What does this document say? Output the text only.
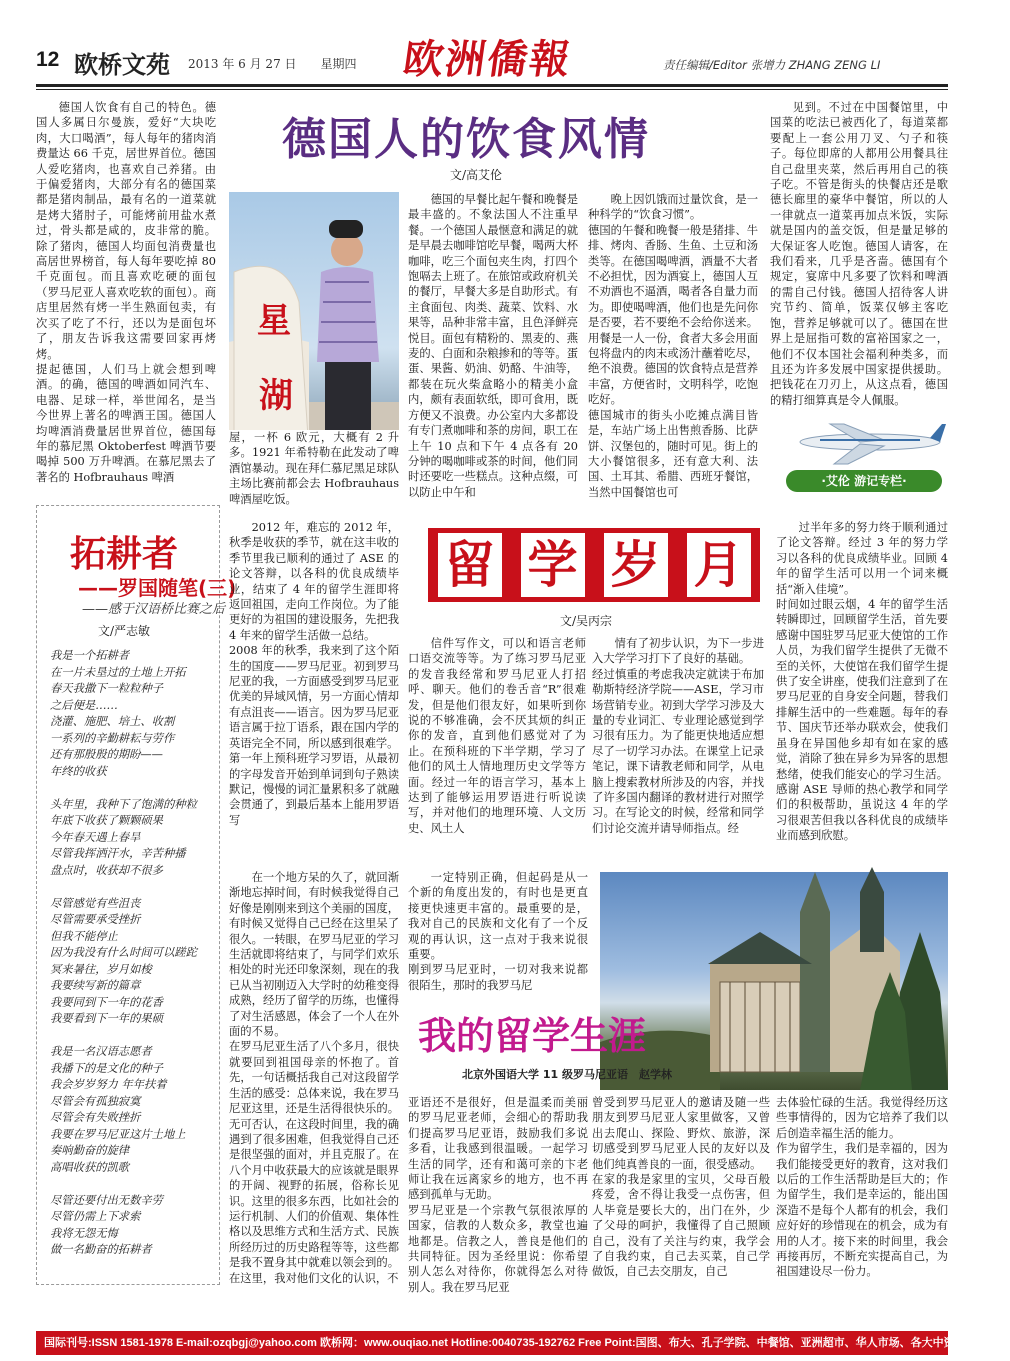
12 欧桥文苑 2013 年 6 月 27 日　　星期四 欧洲僑報	责任编辑/Editor 张增力 ZHANG ZENG LI
德国人饮食有自己的特色。德国人多属日尔曼族，爱好“大块吃肉，大口喝酒”，每人每年的猪肉消费量达 66 千克，居世界首位。德国人爱吃猪肉，也喜欢自己养猪。由于偏爱猪肉，大部分有名的德国菜都是猪肉制品，最有名的一道菜就是烤大猪肘子，可能烤前用盐水煮过，骨头都是咸的，皮非常的脆。除了猪肉，德国人均面包消费量也高居世界榜首，每人每年要吃掉 80 千克面包。而且喜欢吃硬的面包（罗马尼亚人喜欢吃软的面包）。商店里居然有烤一半生熟面包卖，有次买了吃了不行，还以为是面包坏了，朋友告诉我这需要回家再烤烤。
提起德国，人们马上就会想到啤酒。的确，德国的啤酒如同汽车、电器、足球一样，举世闻名，是当今世界上著名的啤酒王国。德国人均啤酒消费量居世界首位，德国每年的慕尼黑 Oktoberfest 啤酒节要喝掉 500 万升啤酒。在慕尼黑去了著名的 Hofbrauhaus 啤酒
德国人的饮食风情
文/高艾伦
星
湖
屋，一杯 6 欧元，大概有 2 升多。1921 年希特勒在此发动了啤酒馆暴动。现在拜仁慕尼黑足球队主场比赛前都会去 Hofbrauhaus 啤酒屋吃饭。
德国的早餐比起午餐和晚餐是最丰盛的。不象法国人不注重早餐。一个德国人最惬意和满足的就是早晨去咖啡馆吃早餐，喝两大杯咖啡，吃三个面包夹生肉，打四个饱嗝去上班了。在旅馆或政府机关的餐厅，早餐大多是自助形式。有主食面包、肉类、蔬菜、饮料、水果等，品种非常丰富，且色泽鲜亮悦目。面包有精粉的、黑麦的、燕麦的、白面和杂粮掺和的等等。蛋蛋、果酱、奶油、奶酪、牛油等，都装在玩火柴盒略小的精美小盒内，颇有表面软纸，即可食用，既方便又不浪费。办公室内大多都设有专门煮咖啡和茶的房间，职工在上午 10 点和下午 4 点各有 20 分钟的喝咖啡或茶的时间，他们同时还要吃一些糕点。这种点缀，可以防止中午和
晚上因饥饿而过量饮食，是一种科学的“饮食习惯”。
德国的午餐和晚餐一般是猪排、牛排、烤肉、香肠、生鱼、土豆和汤类等。在德国喝啤酒，酒量不大者不必担忧，因为酒宴上，德国人互不劝酒也不逼酒，喝者各自量力而为。即使喝啤酒，他们也是先问你是否要，若不要绝不会给你送来。用餐是一人一份，食者大多会用面包将盘内的肉末或汤汁蘸着吃尽，绝不浪费。德国的饮食特点是营养丰富，方便省时，文明科学，吃饱吃好。
德国城市的街头小吃摊点满目皆是，车站广场上出售煎香肠、比萨饼、汉堡包的，随时可见。街上的大小餐馆很多，还有意大利、法国、土耳其、希腊、西班牙餐馆，当然中国餐馆也可
见到。不过在中国餐馆里，中国菜的吃法已被西化了，每道菜都要配上一套公用刀叉、勺子和筷子。每位即席的人都用公用餐具往自己盘里夹菜，然后再用自己的筷子吃。不管是街头的快餐店还是歌德长廊里的豪华中餐馆，所以的人一律就点一道菜再加点米饭，实际就是国内的盖交饭，但是量足够的大保证客人吃饱。德国人请客，在我们看来，几乎是吝啬。德国有个规定，宴席中凡多要了饮料和啤酒的需自己付钱。德国人招待客人讲究节约、简单，饭菜仅够主客吃饱，营养足够就可以了。德国在世界上是屈指可数的富裕国家之一，他们不仅本国社会福利种类多，而且还为许多发展中国家提供援助。把钱花在刀刃上，从这点看，德国的精打细算真是令人佩服。
·艾伦 游记专栏·
拓耕者
——罗国随笔(三)
——感于汉语桥比赛之后
文/严志敏
我是一个拓耕者
在一片未垦过的土地上开拓
春天我撒下一粒粒种子
之后便是……
浇灌、施肥、培土、收割
一系列的辛勤耕耘与劳作
还有那殷殷的期盼——
年终的收获
头年里，我种下了饱满的种粒
年底下收获了颗颗硕果
今年春天遇上春旱
尽管我挥洒汗水，辛苦种播
盘点时，收获却不很多
尽管感觉有些沮丧
尽管需要承受挫折
但我不能停止
因为我没有什么时间可以蹉跎
冥来暑往，岁月如梭
我要续写新的篇章
我要同到下一年的花香
我要看到下一年的果硕
我是一名汉语志愿者
我播下的是文化的种子
我会岁岁努力 年年扶着
尽管会有孤独寂寞
尽管会有失败挫折
我要在罗马尼亚这片土地上
奏响勤奋的旋律
高唱收获的凯歌
尽管还要付出无数辛劳
尽管仍需上下求索
我将无怨无悔
做一名勤奋的拓耕者
2012 年，难忘的 2012 年，秋季是收获的季节，就在这丰收的季节里我已顺利的通过了 ASE 的论文答辩，以各科的优良成绩毕业，结束了 4 年的留学生涯即将返回祖国，走向工作岗位。为了能更好的为祖国的建设服务，先把我 4 年来的留学生活做一总结。
2008 年的秋季，我来到了这个陌生的国度——罗马尼亚。初到罗马尼亚的我，一方面感受到罗马尼亚优美的异域风情，另一方面心情却有点沮丧——语言。因为罗马尼亚语言属于拉丁语系，跟在国内学的英语完全不同，所以感到很难学。
第一年上预科班学习罗语，从最初的字母发音开始到单词到句子熟读默记，慢慢的词汇量累积多了就融会贯通了，到最后基本上能用罗语写
留 学 岁 月
文/吴丙宗
信件写作文，可以和语言老师口语交流等等。为了练习罗马尼亚的发音我经常和罗马尼亚人打招呼、聊天。他们的卷舌音“R”很难发，但是他们很友好，如果听到你说的不够准确，会不厌其烦的纠正你的发音，直到他们感觉对了为止。在预科班的下半学期，学习了他们的风土人情地理历史文学等方面。经过一年的语言学习，基本上达到了能够运用罗语进行听说读写，并对他们的地理环境、人文历史、风土人
情有了初步认识，为下一步进入大学学习打下了良好的基础。
经过慎重的考虑我决定就读于布加勒斯特经济学院——ASE，学习市场营销专业。初到大学学习涉及大量的专业词汇、专业理论感觉到学习很有压力。为了能更快地适应想尽了一切学习办法。在课堂上记录笔记，课下请教老师和同学，从电脑上搜索教材所涉及的内容，并找了许多国内翻译的教材进行对照学习。在写论文的时候，经常和同学们讨论交流并请导师指点。经
过半年多的努力终于顺利通过了论文答辩。经过 3 年的努力学习以各科的优良成绩毕业。回顾 4 年的留学生活可以用一个词来概括“渐入佳境”。
时间如过眼云烟，4 年的留学生活转瞬即过，回顾留学生活，首先要感谢中国驻罗马尼亚大使馆的工作人员，为我们留学生提供了无微不至的关怀，大使馆在我们留学生提供了安全讲座，使我们注意到了在罗马尼亚的自身安全问题，替我们排解生活中的一些难题。每年的春节、国庆节还举办联欢会，使我们虽身在异国他乡却有如在家的感觉，消除了独在异乡为异客的思想愁绪，使我们能安心的学习生活。感谢 ASE 导师的热心教学和同学们的积极帮助，虽说这 4 年的学习很艰苦但我以各科优良的成绩毕业而感到欣慰。
在一个地方呆的久了，就回渐渐地忘掉时间，有时候我觉得自己好像是刚刚来到这个美丽的国度，有时候又觉得自己已经在这里呆了很久。一转眼，在罗马尼亚的学习生活就即将结束了，与同学们欢乐相处的时光还印象深刻，现在的我已从当初刚迈入大学时的幼稚变得成熟，经历了留学的历练，也懂得了对生活感恩，体会了一个人在外面的不易。
在罗马尼亚生活了八个多月，很快就要回到祖国母亲的怀抱了。首先，一句话概括我自己对这段留学生活的感受：总体来说，我在罗马尼亚这里，还是生活得很快乐的。无可否认，在这段时间里，我的确遇到了很多困难，但我觉得自己还是很坚强的面对，并且克服了。在八个月中收获最大的应该就是眼界的开阔、视野的拓展，俗称长见识。这里的很多东西，比如社会的运行机制、人们的价值观、集体性格以及思维方式和生活方式、民族所经历过的历史路程等等，这些都是我不置身其中就难以领会到的。在这里，我对他们文化的认识，不
一定特别正确，但起码是从一个新的角度出发的，有时也是更直接更快速更丰富的。最重要的是，我对自己的民族和文化有了一个反观的再认识，这一点对于我来说很重要。
刚到罗马尼亚时，一切对我来说都很陌生，那时的我罗马尼
我的留学生涯
北京外国语大学 11 级罗马尼亚语　赵学林
亚语还不是很好，但是温柔而美丽的罗马尼亚老师，会细心的帮助我们提高罗马尼亚语，鼓励我们多说多看，让我感到很温暖。一起学习生活的同学，还有和蔼可亲的卞老师让我在远离家乡的地方，也不再感到孤单与无助。
罗马尼亚是一个宗教气氛很浓厚的国家，信教的人数众多，教堂也遍地都是。信教之人，善良是他们的共同特征。因为圣经里说：你希望别人怎么对待你，你就得怎么对待别人。我在罗马尼亚
曾受到罗马尼亚人的邀请及随一些朋友到罗马尼亚人家里做客，又曾出去爬山、探险、野炊、旅游，深切感受到罗马尼亚人民的友好以及他们纯真善良的一面，很受感动。
在家的我是家里的宝贝，父母百般疼爱，舍不得让我受一点伤害，但人毕竟是要长大的，出门在外，少了父母的呵护，我懂得了自己照顾自己，没有了关注与约束，我学会了自我约束，自己去买菜，自己学做饭，自己去交朋友，自己
去体验忙碌的生活。我觉得经历这些事情得的，因为它培养了我们以后创造幸福生活的能力。
作为留学生，我们是幸福的，因为我们能接受更好的教育，这对我们以后的工作生活帮助是巨大的；作为留学生，我们是幸运的，能出国深造不是每个人都有的机会，我们应好好的珍惜现在的机会，成为有用的人才。接下来的时间里，我会再接再厉，不断充实提高自己，为祖国建设尽一份力。
国际刊号:ISSN 1581-1978 E-mail:ozqbgj@yahoo.com 欧桥网：www.ouqiao.net Hotline:0040735-192762 Free Point:国图、布大、孔子学院、中餐馆、亚洲超市、华人市场、各大中资机构、机场
